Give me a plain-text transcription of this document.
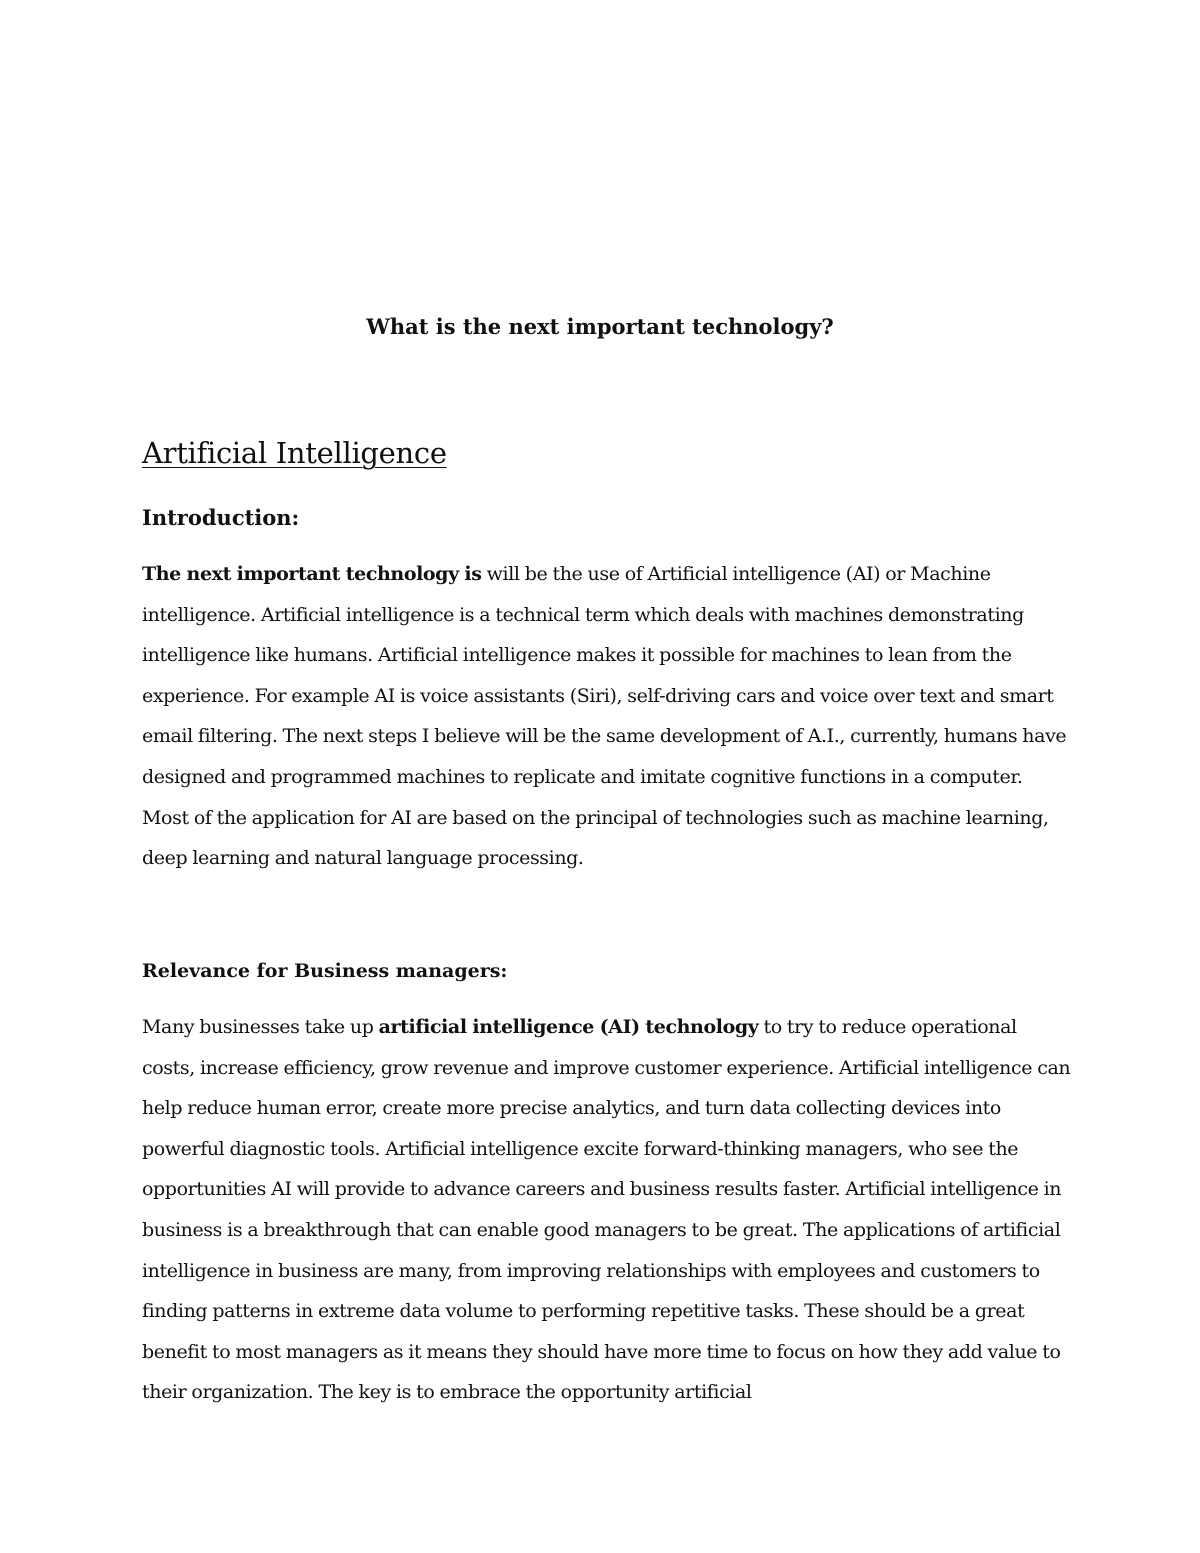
What is the next important technology?
Artificial Intelligence
Introduction:

The next important technology is will be the use of Artificial intelligence (AI) or Machine intelligence. Artificial intelligence is a technical term which deals with machines demonstrating intelligence like humans. Artificial intelligence makes it possible for machines to lean from the experience. For example AI is voice assistants (Siri), self-driving cars and voice over text and smart email filtering. The next steps I believe will be the same development of A.I., currently, humans have designed and programmed machines to replicate and imitate cognitive functions in a computer. Most of the application for AI are based on the principal of technologies such as machine learning, deep learning and natural language processing.

Relevance for Business managers:

Many businesses take up artificial intelligence (AI) technology to try to reduce operational costs, increase efficiency, grow revenue and improve customer experience. Artificial intelligence can help reduce human error, create more precise analytics, and turn data collecting devices into powerful diagnostic tools. Artificial intelligence excite forward-thinking managers, who see the opportunities AI will provide to advance careers and business results faster. Artificial intelligence in business is a breakthrough that can enable good managers to be great. The applications of artificial intelligence in business are many, from improving relationships with employees and customers to finding patterns in extreme data volume to performing repetitive tasks. These should be a great benefit to most managers as it means they should have more time to focus on how they add value to their organization. The key is to embrace the opportunity artificial
